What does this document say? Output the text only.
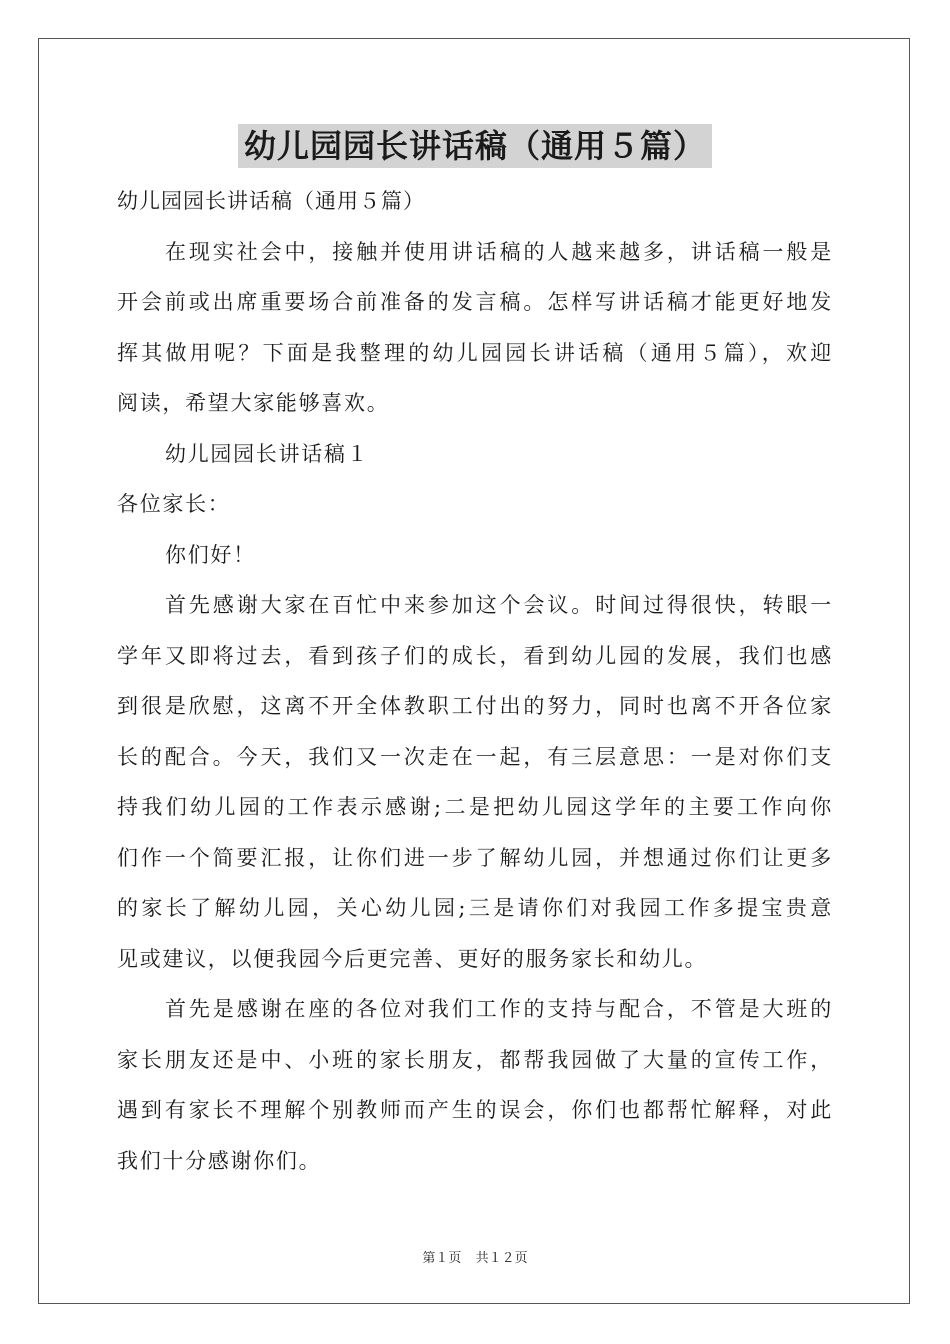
幼儿园园长讲话稿（通用５篇）
幼儿园园长讲话稿（通用５篇）
在现实社会中，接触并使用讲话稿的人越来越多，讲话稿一般是
开会前或出席重要场合前准备的发言稿。怎样写讲话稿才能更好地发
挥其做用呢？下面是我整理的幼儿园园长讲话稿（通用５篇），欢迎
阅读，希望大家能够喜欢。
幼儿园园长讲话稿１
各位家长：
你们好！
首先感谢大家在百忙中来参加这个会议。时间过得很快，转眼一
学年又即将过去，看到孩子们的成长，看到幼儿园的发展，我们也感
到很是欣慰，这离不开全体教职工付出的努力，同时也离不开各位家
长的配合。今天，我们又一次走在一起，有三层意思：一是对你们支
持我们幼儿园的工作表示感谢;二是把幼儿园这学年的主要工作向你
们作一个简要汇报，让你们进一步了解幼儿园，并想通过你们让更多
的家长了解幼儿园，关心幼儿园;三是请你们对我园工作多提宝贵意
见或建议，以便我园今后更完善、更好的服务家长和幼儿。
首先是感谢在座的各位对我们工作的支持与配合，不管是大班的
家长朋友还是中、小班的家长朋友，都帮我园做了大量的宣传工作，
遇到有家长不理解个别教师而产生的误会，你们也都帮忙解释，对此
我们十分感谢你们。
第１页 共１２页
